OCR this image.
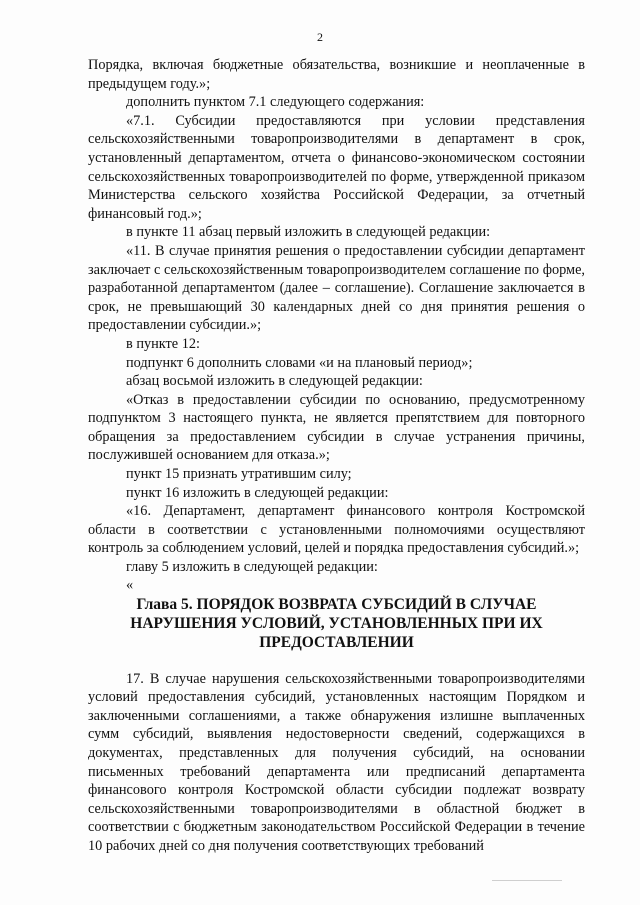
2

Порядка, включая бюджетные обязательства, возникшие и неоплаченные в предыдущем году.»;

дополнить пунктом 7.1 следующего содержания:

«7.1. Субсидии предоставляются при условии представления сельскохозяйственными товаропроизводителями в департамент в срок, установленный департаментом, отчета о финансово-экономическом состоянии сельскохозяйственных товаропроизводителей по форме, утвержденной приказом Министерства сельского хозяйства Российской Федерации, за отчетный финансовый год.»;

в пункте 11 абзац первый изложить в следующей редакции:

«11. В случае принятия решения о предоставлении субсидии департамент заключает с сельскохозяйственным товаропроизводителем соглашение по форме, разработанной департаментом (далее – соглашение). Соглашение заключается в срок, не превышающий 30 календарных дней со дня принятия решения о предоставлении субсидии.»;

в пункте 12:

подпункт 6 дополнить словами «и на плановый период»;

абзац восьмой изложить в следующей редакции:

«Отказ в предоставлении субсидии по основанию, предусмотренному подпунктом 3 настоящего пункта, не является препятствием для повторного обращения за предоставлением субсидии в случае устранения причины, послужившей основанием для отказа.»;

пункт 15 признать утратившим силу;

пункт 16 изложить в следующей редакции:

«16. Департамент, департамент финансового контроля Костромской области в соответствии с установленными полномочиями осуществляют контроль за соблюдением условий, целей и порядка предоставления субсидий.»;

главу 5 изложить в следующей редакции:

«

Глава 5. ПОРЯДОК ВОЗВРАТА СУБСИДИЙ В СЛУЧАЕ
НАРУШЕНИЯ УСЛОВИЙ, УСТАНОВЛЕННЫХ ПРИ ИХ
ПРЕДОСТАВЛЕНИИ

17. В случае нарушения сельскохозяйственными товаропроизводителями условий предоставления субсидий, установленных настоящим Порядком и заключенными соглашениями, а также обнаружения излишне выплаченных сумм субсидий, выявления недостоверности сведений, содержащихся в документах, представленных для получения субсидий, на основании письменных требований департамента или предписаний департамента финансового контроля Костромской области субсидии подлежат возврату сельскохозяйственными товаропроизводителями в областной бюджет в соответствии с бюджетным законодательством Российской Федерации в течение 10 рабочих дней со дня получения соответствующих требований
